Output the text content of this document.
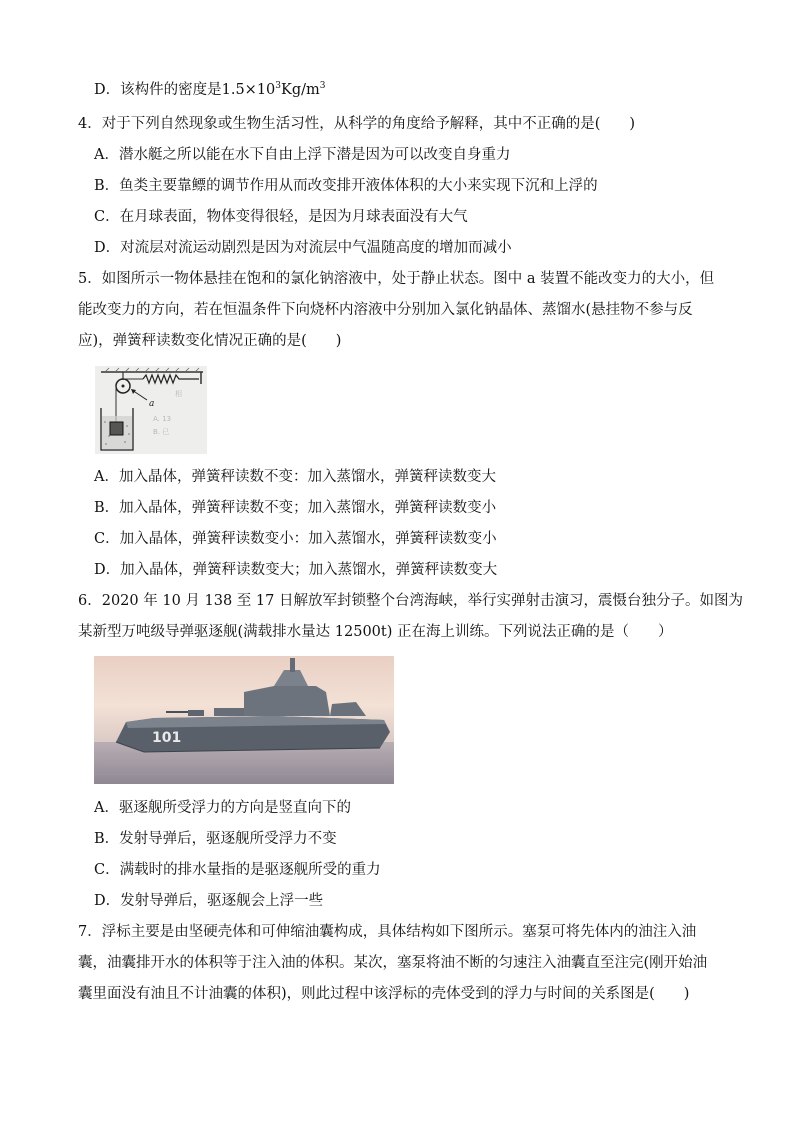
D．该构件的密度是$1.5\times 10^3Kg/m^3$
4．对于下列自然现象或生物生活习性，从科学的角度给予解释，其中不正确的是(　　)
A．潜水艇之所以能在水下自由上浮下潜是因为可以改变自身重力
B．鱼类主要靠鳔的调节作用从而改变排开液体体积的大小来实现下沉和上浮的
C．在月球表面，物体变得很轻，是因为月球表面没有大气
D．对流层对流运动剧烈是因为对流层中气温随高度的增加而减小
5．如图所示一物体悬挂在饱和的氯化钠溶液中，处于静止状态。图中 a 装置不能改变力的大小，但
能改变力的方向，若在恒温条件下向烧杯内溶液中分别加入氯化钠晶体、蒸馏水(悬挂物不参与反
应)，弹簧秤读数变化情况正确的是(　　)
a
A. 13
B. 已
相
A．加入晶体，弹簧秤读数不变：加入蒸馏水，弹簧秤读数变大
B．加入晶体，弹簧秤读数不变；加入蒸馏水，弹簧秤读数变小
C．加入晶体，弹簧秤读数变小：加入蒸馏水，弹簧秤读数变小
D．加入晶体，弹簧秤读数变大；加入蒸馏水，弹簧秤读数变大
6．2020 年 10 月 138 至 17 日解放军封锁整个台湾海峡，举行实弹射击演习，震慑台独分子。如图为
某新型万吨级导弹驱逐舰(满载排水量达 12500t) 正在海上训练。下列说法正确的是（　　）
101
A．驱逐舰所受浮力的方向是竖直向下的
B．发射导弹后，驱逐舰所受浮力不变
C．满载时的排水量指的是驱逐舰所受的重力
D．发射导弹后，驱逐舰会上浮一些
7．浮标主要是由坚硬壳体和可伸缩油囊构成，具体结构如下图所示。塞泵可将先体内的油注入油
囊，油囊排开水的体积等于注入油的体积。某次，塞泵将油不断的匀速注入油囊直至注完(刚开始油
囊里面没有油且不计油囊的体积)，则此过程中该浮标的壳体受到的浮力与时间的关系图是(　　)
